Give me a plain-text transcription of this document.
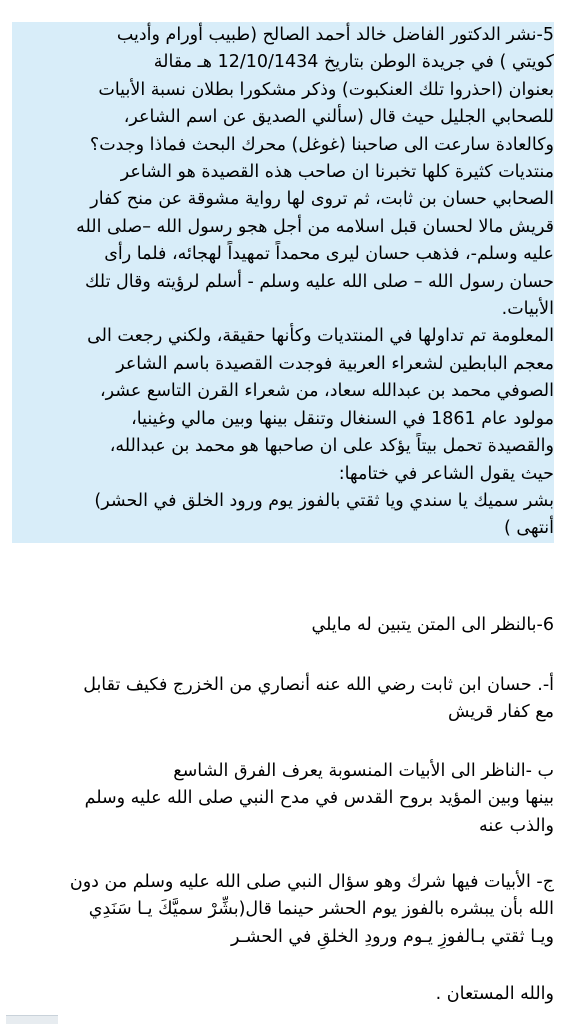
5-نشر الدكتور الفاضل خالد أحمد الصالح (طبيب أورام وأديب
كويتي ) في جريدة الوطن بتاريخ 12/10/1434 هـ مقالة
بعنوان (احذروا تلك العنكبوت) وذكر مشكورا بطلان نسبة الأبيات
للصحابي الجليل حيث قال (سألني الصديق عن اسم الشاعر،
وكالعادة سارعت الى صاحبنا (غوغل) محرك البحث فماذا وجدت؟
منتديات كثيرة كلها تخبرنا ان صاحب هذه القصيدة هو الشاعر
الصحابي حسان بن ثابت، ثم تروى لها رواية مشوقة عن منح كفار
قريش مالا لحسان قبل اسلامه من أجل هجو رسول الله –صلى الله
عليه وسلم-، فذهب حسان ليرى محمداً تمهيداً لهجائه، فلما رأى
حسان رسول الله – صلى الله عليه وسلم - أسلم لرؤيته وقال تلك
الأبيات.
المعلومة تم تداولها في المنتديات وكأنها حقيقة، ولكني رجعت الى
معجم البابطين لشعراء العربية فوجدت القصيدة باسم الشاعر
الصوفي محمد بن عبدالله سعاد، من شعراء القرن التاسع عشر،
مولود عام 1861 في السنغال وتنقل بينها وبين مالي وغينيا،
والقصيدة تحمل بيتاً يؤكد على ان صاحبها هو محمد بن عبدالله،
حيث يقول الشاعر في ختامها:
بشر سميك يا سندي ويا ثقتي بالفوز يوم ورود الخلق في الحشر)
أنتهى )
6-بالنظر الى المتن يتبين له مايلي
أ-. حسان ابن ثابت رضي الله عنه أنصاري من الخزرج فكيف تقابل
مع كفار قريش
ب -الناظر الى الأبيات المنسوبة يعرف الفرق الشاسع
بينها وبين المؤيد بروح القدس في مدح النبي صلى الله عليه وسلم
والذب عنه
ج- الأبيات فيها شرك وهو سؤال النبي صلى الله عليه وسلم من دون
الله بأن يبشره بالفوز يوم الحشر حينما قال(بشِّرْ سميَّكَ يـا سَنَدِي
ويـا ثقتي بـالفوزِ يـوم ورودِ الخلقِ في الحشـر
والله المستعان .
